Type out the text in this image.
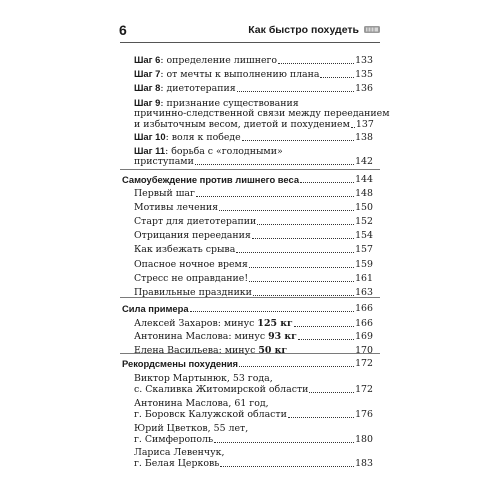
6	Как быстро похудеть
Шаг 6: определение лишнего	133
Шаг 7: от мечты к выполнению плана	135
Шаг 8: диетотерапия	136
Шаг 9: признание существования
причинно-следственной связи между перееданием
и избыточным весом, диетой и похудением 137
Шаг 10: воля к победе	138
Шаг 11: борьба с «голодными»
приступами	142
Самоубеждение против лишнего веса	144
Первый шаг	148
Мотивы лечения	150
Старт для диетотерапии	152
Отрицания переедания	154
Как избежать срыва	157
Опасное ночное время	159
Стресс не оправдание!	161
Правильные праздники	163
Сила примера	166
Алексей Захаров: минус 125 кг	166
Антонина Маслова: минус 93 кг	169
Елена Васильева: минус 50 кг	170
Рекордсмены похудения	172
Виктор Мартынюк, 53 года,
с. Скаливка Житомирской области	172
Антонина Маслова, 61 год,
г. Боровск Калужской области	176
Юрий Цветков, 55 лет,
г. Симферополь	180
Лариса Левенчук,
г. Белая Церковь	183
